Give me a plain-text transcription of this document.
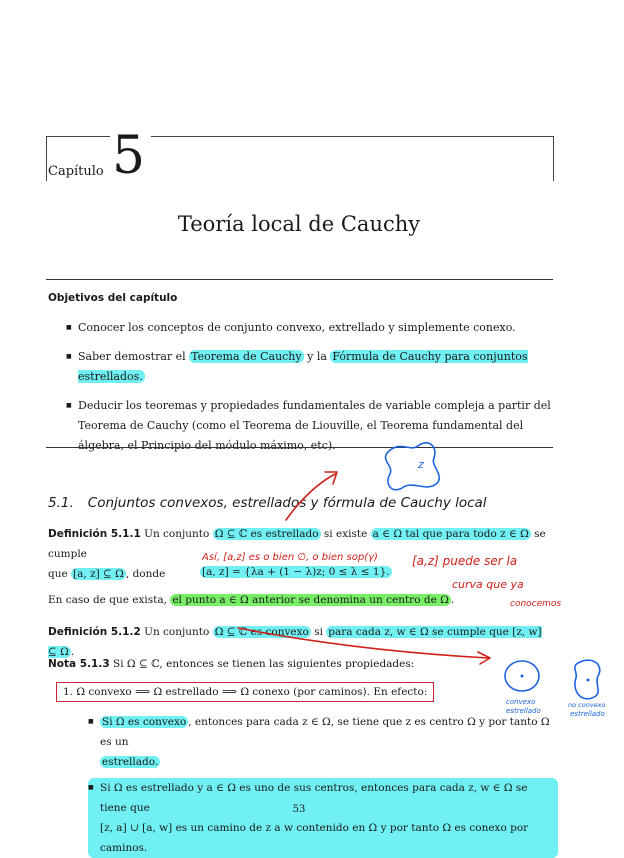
Capítulo 5
Teoría local de Cauchy
Objetivos del capítulo
■ Conocer los conceptos de conjunto convexo, extrellado y simplemente conexo.
■ Saber demostrar el Teorema de Cauchy y la Fórmula de Cauchy para conjuntos estrellados.
■ Deducir los teoremas y propiedades fundamentales de variable compleja a partir del Teorema de Cauchy (como el Teorema de Liouville, el Teorema fundamental del álgebra, el Principio del módulo máximo, etc).
5.1. Conjuntos convexos, estrellados y fórmula de Cauchy local
Definición 5.1.1 Un conjunto Ω ⊆ ℂ es estrellado si existe a ∈ Ω tal que para todo z ∈ Ω se cumple
que [a, z] ⊆ Ω , donde	[a, z] = {λa + (1 − λ)z; 0 ≤ λ ≤ 1}.
En caso de que exista, el punto a ∈ Ω anterior se denomina un centro de Ω .
Definición 5.1.2 Un conjunto Ω ⊆ ℂ es convexo si para cada z, w ∈ Ω se cumple que [z, w] ⊆ Ω .
Nota 5.1.3 Si Ω ⊆ ℂ, entonces se tienen las siguientes propiedades:
1. Ω convexo ⟹ Ω estrellado ⟹ Ω conexo (por caminos). En efecto:
■ Si Ω es convexo , entonces para cada z ∈ Ω, se tiene que z es centro Ω y por tanto Ω es un
estrellado.
■ Si Ω es estrellado y a ∈ Ω es uno de sus centros, entonces para cada z, w ∈ Ω se tiene que
[z, a] ∪ [a, w] es un camino de z a w contenido en Ω y por tanto Ω es conexo por caminos.
53
z
Así, [a,z] es o bien ∅, o bien sop(γ)	[a,z] puede ser la
curva que ya
conocemos
convexo
estrellado
no convexo
estrellado
